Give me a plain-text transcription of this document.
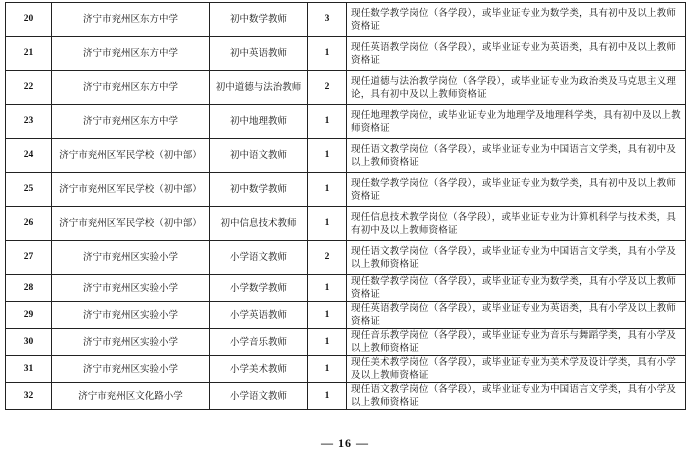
20	济宁市兖州区东方中学	初中数学教师	3	现任数学教学岗位（各学段），或毕业证专业为数学类，具有初中及以上教师资格证
21	济宁市兖州区东方中学	初中英语教师	1	现任英语教学岗位（各学段），或毕业证专业为英语类，具有初中及以上教师资格证
22	济宁市兖州区东方中学	初中道德与法治教师	2	现任道德与法治教学岗位（各学段），或毕业证专业为政治类及马克思主义理论，具有初中及以上教师资格证
23	济宁市兖州区东方中学	初中地理教师	1	现任地理教学岗位，或毕业证专业为地理学及地理科学类，具有初中及以上教师资格证
24	济宁市兖州区军民学校（初中部）	初中语文教师	1	现任语文教学岗位（各学段），或毕业证专业为中国语言文学类，具有初中及以上教师资格证
25	济宁市兖州区军民学校（初中部）	初中数学教师	1	现任数学教学岗位（各学段），或毕业证专业为数学类，具有初中及以上教师资格证
26	济宁市兖州区军民学校（初中部）	初中信息技术教师	1	现任信息技术教学岗位（各学段），或毕业证专业为计算机科学与技术类，具有初中及以上教师资格证
27	济宁市兖州区实验小学	小学语文教师	2	现任语文教学岗位（各学段），或毕业证专业为中国语言文学类，具有小学及以上教师资格证
28	济宁市兖州区实验小学	小学数学教师	1	现任数学教学岗位（各学段），或毕业证专业为数学类，具有小学及以上教师资格证
29	济宁市兖州区实验小学	小学英语教师	1	现任英语教学岗位（各学段），或毕业证专业为英语类，具有小学及以上教师资格证
30	济宁市兖州区实验小学	小学音乐教师	1	现任音乐教学岗位（各学段），或毕业证专业为音乐与舞蹈学类，具有小学及以上教师资格证
31	济宁市兖州区实验小学	小学美术教师	1	现任美术教学岗位（各学段），或毕业证专业为美术学及设计学类，具有小学及以上教师资格证
32	济宁市兖州区文化路小学	小学语文教师	1	现任语文教学岗位（各学段），或毕业证专业为中国语言文学类，具有小学及以上教师资格证
— 16 —
